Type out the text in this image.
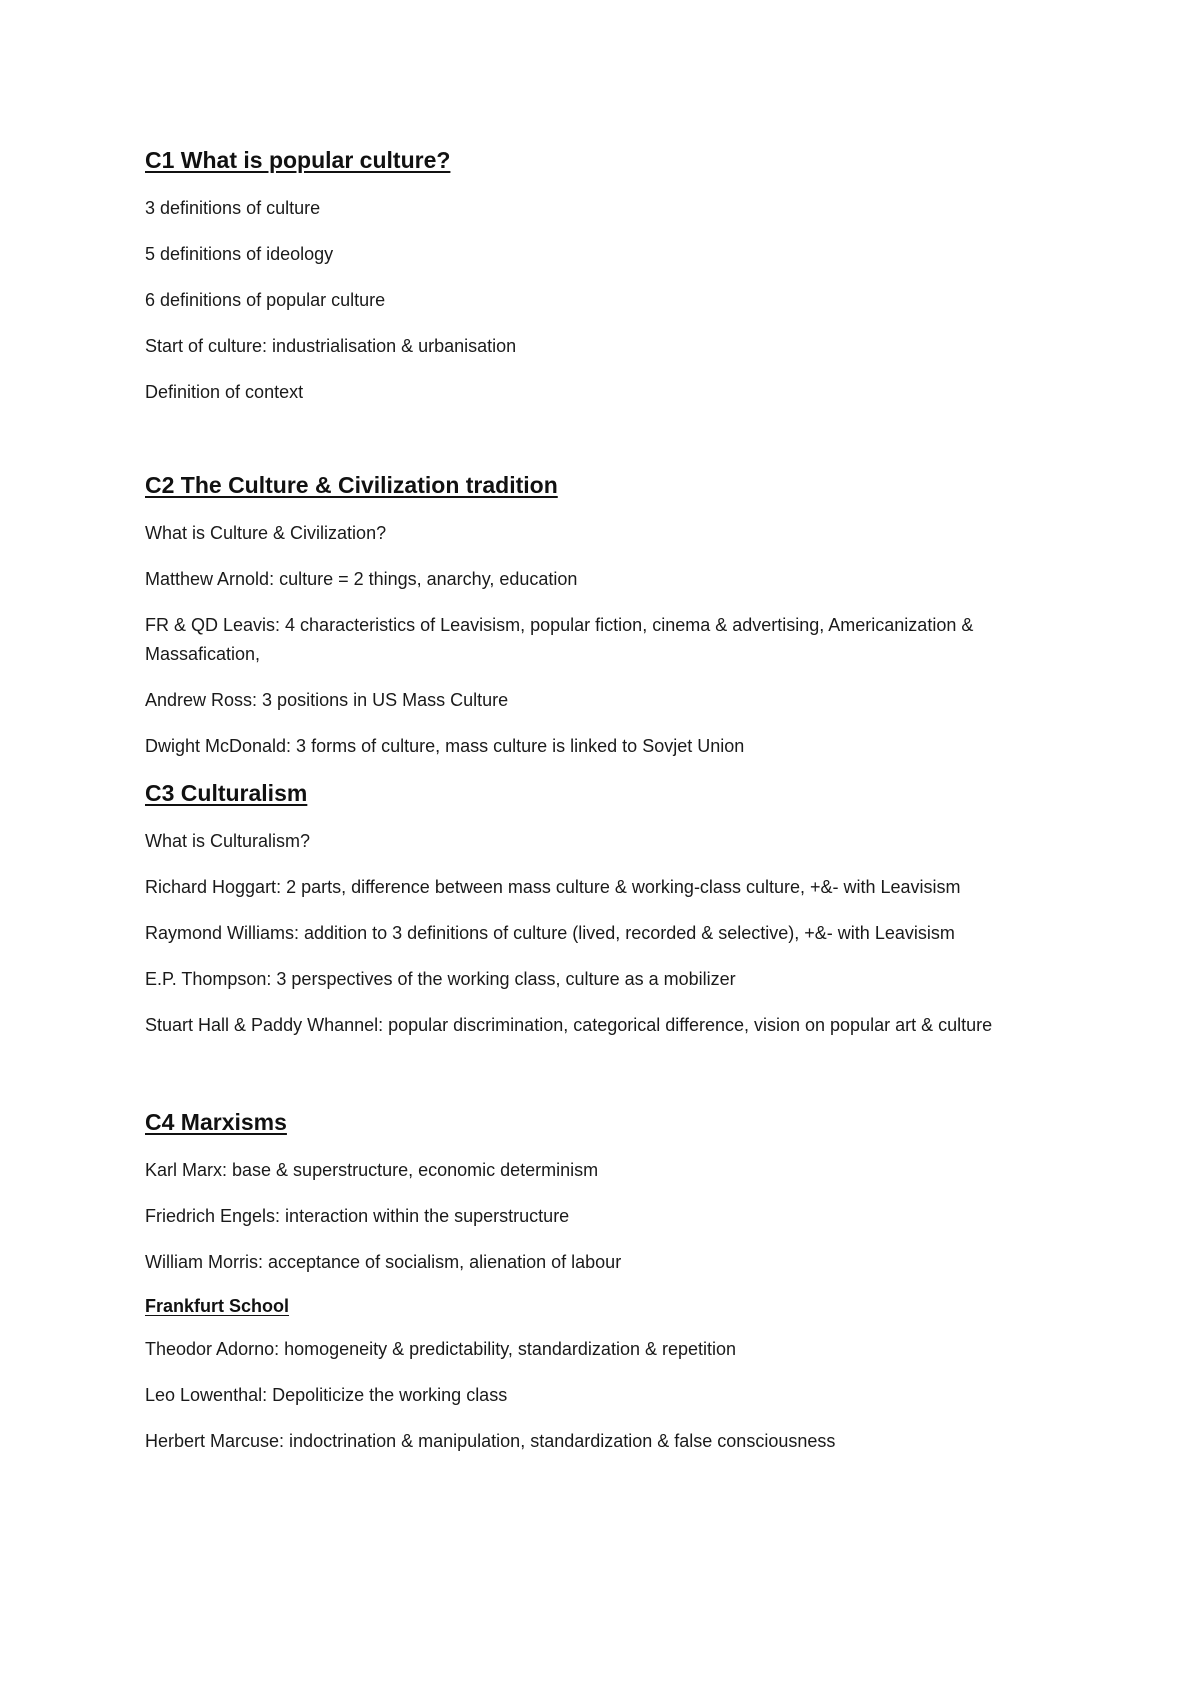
C1 What is popular culture?

3 definitions of culture

5 definitions of ideology

6 definitions of popular culture

Start of culture: industrialisation & urbanisation

Definition of context

C2 The Culture & Civilization tradition

What is Culture & Civilization?

Matthew Arnold: culture = 2 things, anarchy, education

FR & QD Leavis: 4 characteristics of Leavisism, popular fiction, cinema & advertising, Americanization & Massafication,

Andrew Ross: 3 positions in US Mass Culture

Dwight McDonald: 3 forms of culture, mass culture is linked to Sovjet Union

C3 Culturalism

What is Culturalism?

Richard Hoggart: 2 parts, difference between mass culture & working-class culture, +&- with Leavisism

Raymond Williams: addition to 3 definitions of culture (lived, recorded & selective), +&- with Leavisism

E.P. Thompson: 3 perspectives of the working class, culture as a mobilizer

Stuart Hall & Paddy Whannel: popular discrimination, categorical difference, vision on popular art & culture

C4 Marxisms

Karl Marx: base & superstructure, economic determinism

Friedrich Engels: interaction within the superstructure

William Morris: acceptance of socialism, alienation of labour

Frankfurt School

Theodor Adorno: homogeneity & predictability, standardization & repetition

Leo Lowenthal: Depoliticize the working class

Herbert Marcuse: indoctrination & manipulation, standardization & false consciousness
